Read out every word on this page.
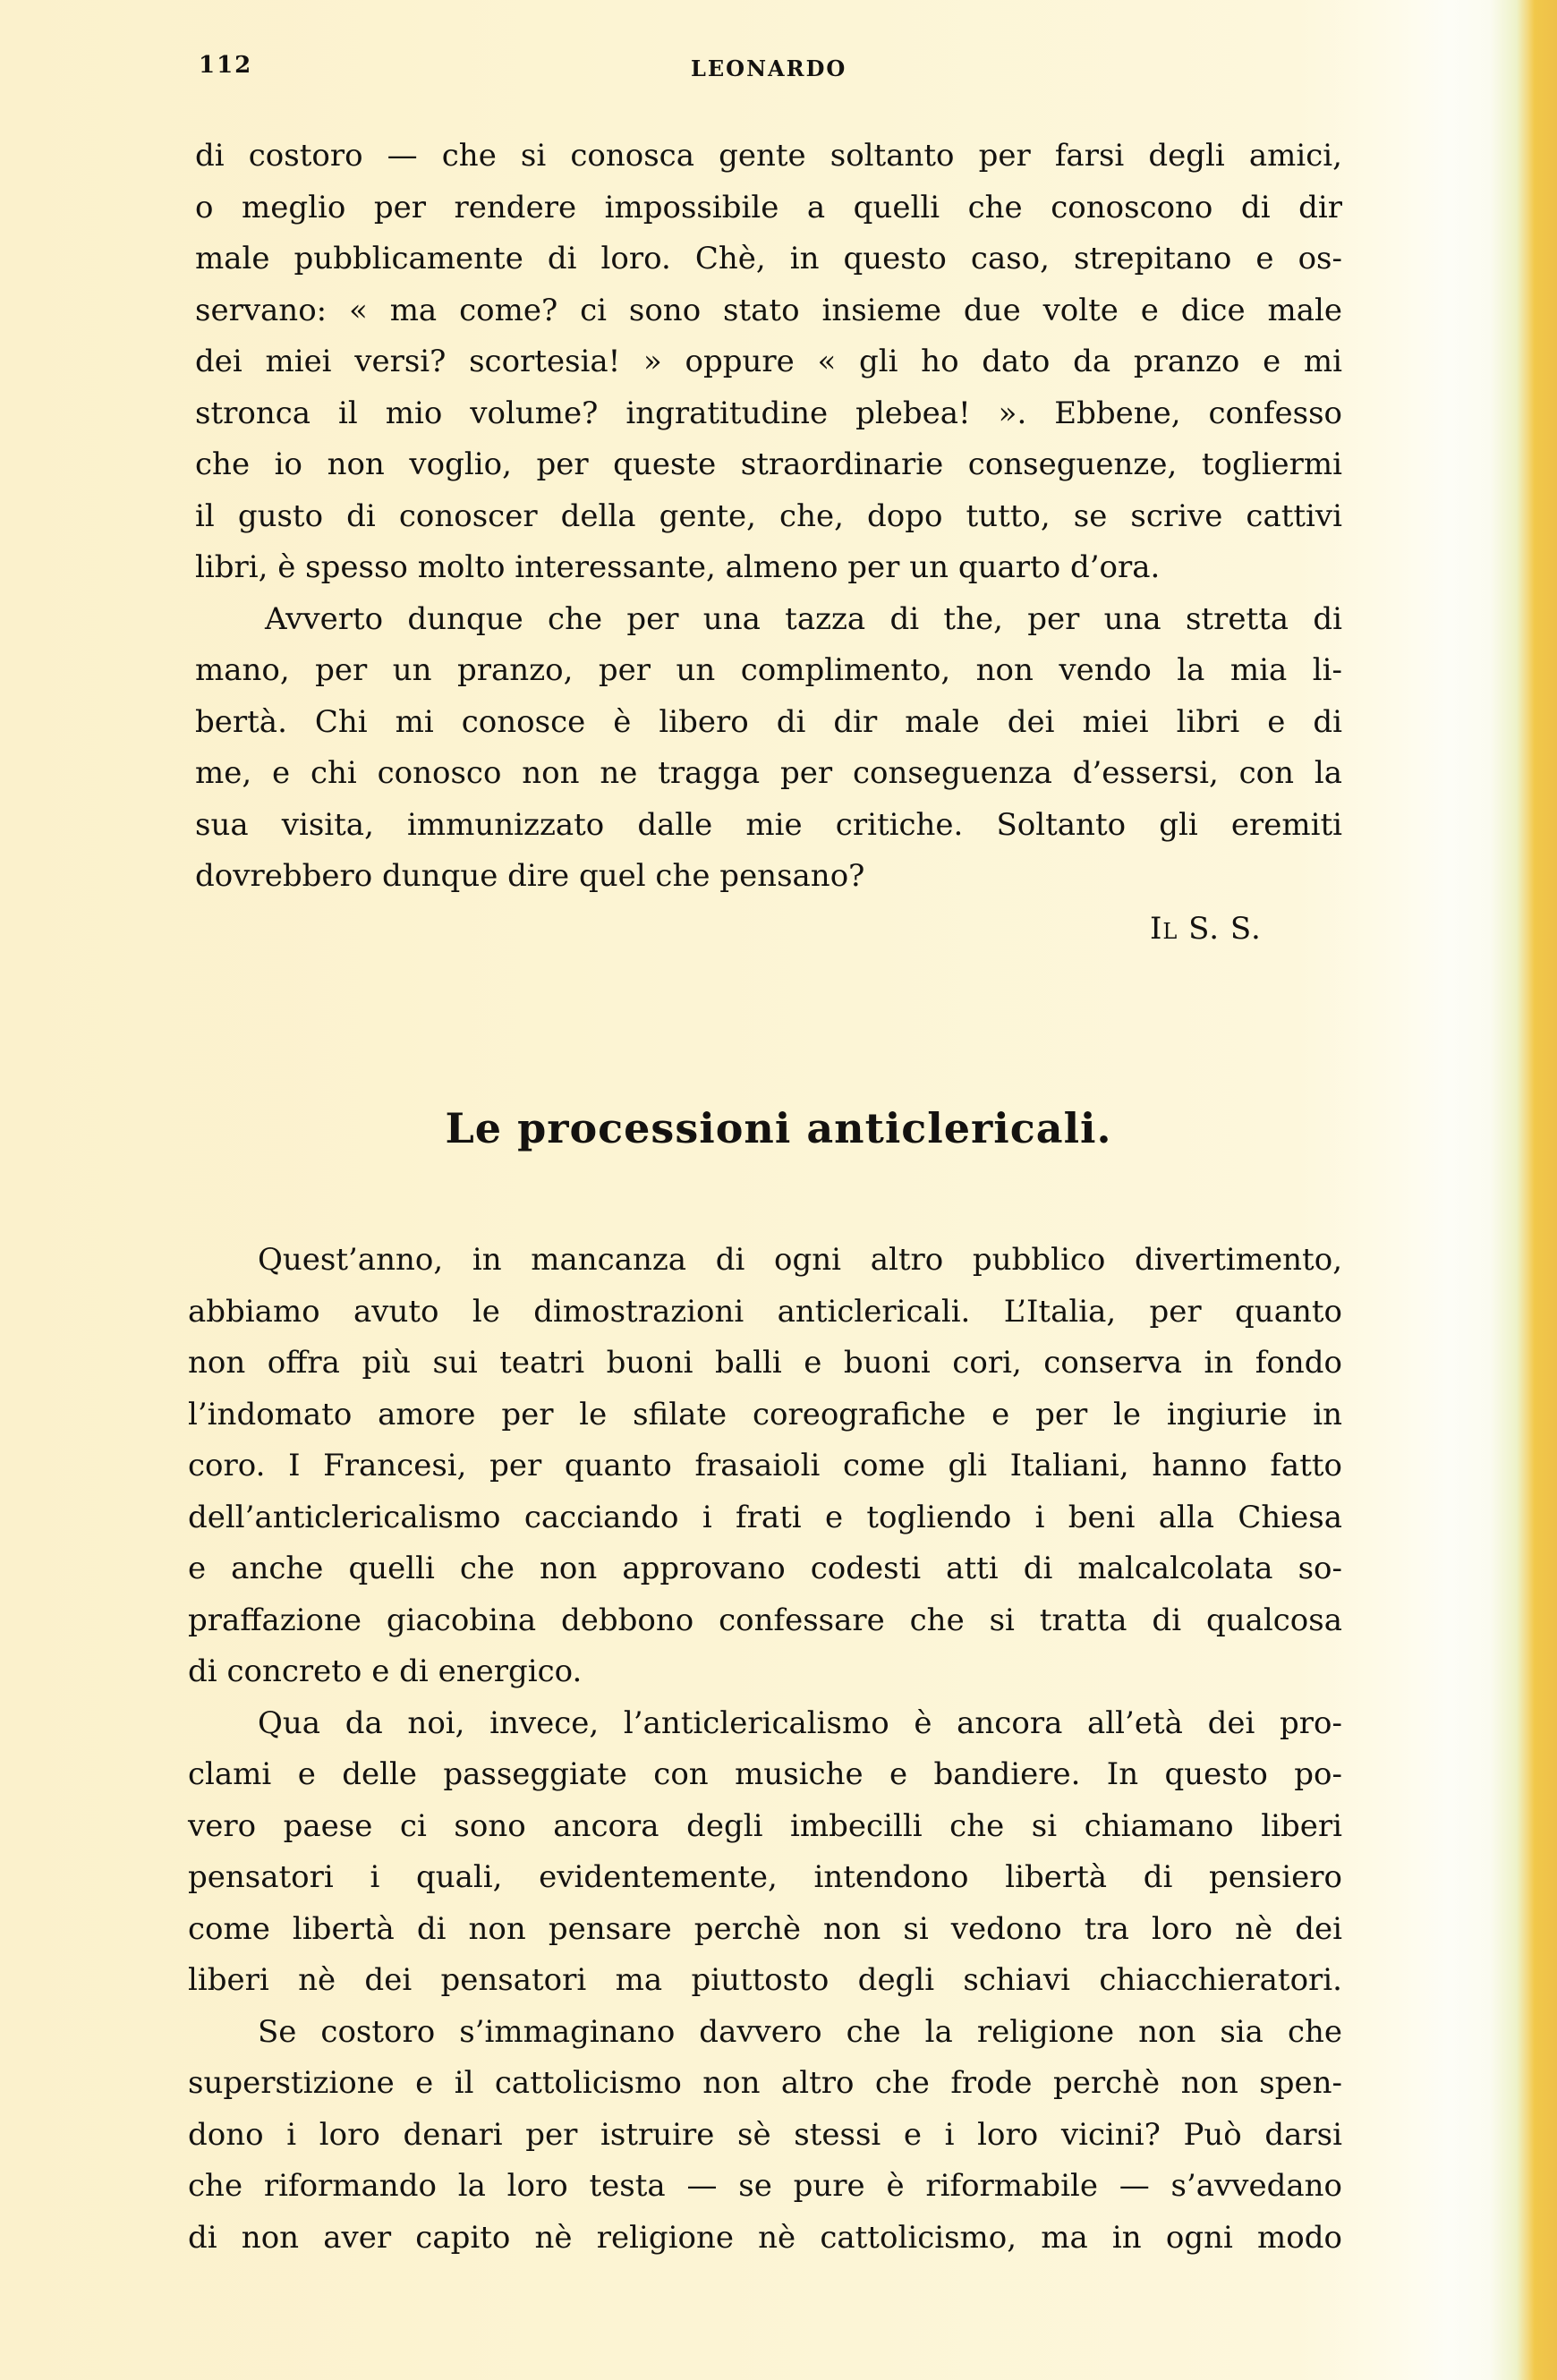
112	LEONARDO

di costoro — che si conosca gente soltanto per farsi degli amici,
o meglio per rendere impossibile a quelli che conoscono di dir
male pubblicamente di loro. Chè, in questo caso, strepitano e os-
servano: « ma come? ci sono stato insieme due volte e dice male
dei miei versi? scortesia! » oppure « gli ho dato da pranzo e mi
stronca il mio volume? ingratitudine plebea! ». Ebbene, confesso
che io non voglio, per queste straordinarie conseguenze, togliermi
il gusto di conoscer della gente, che, dopo tutto, se scrive cattivi
libri, è spesso molto interessante, almeno per un quarto d’ora.

Avverto dunque che per una tazza di the, per una stretta di
mano, per un pranzo, per un complimento, non vendo la mia li-
bertà. Chi mi conosce è libero di dir male dei miei libri e di
me, e chi conosco non ne tragga per conseguenza d’essersi, con la
sua visita, immunizzato dalle mie critiche. Soltanto gli eremiti
dovrebbero dunque dire quel che pensano?

Il S. S.
Le processioni anticlericali.

Quest’anno, in mancanza di ogni altro pubblico divertimento,
abbiamo avuto le dimostrazioni anticlericali. L’Italia, per quanto
non offra più sui teatri buoni balli e buoni cori, conserva in fondo
l’indomato amore per le sfilate coreografiche e per le ingiurie in
coro. I Francesi, per quanto frasaioli come gli Italiani, hanno fatto
dell’anticlericalismo cacciando i frati e togliendo i beni alla Chiesa
e anche quelli che non approvano codesti atti di malcalcolata so-
praffazione giacobina debbono confessare che si tratta di qualcosa
di concreto e di energico.

Qua da noi, invece, l’anticlericalismo è ancora all’età dei pro-
clami e delle passeggiate con musiche e bandiere. In questo po-
vero paese ci sono ancora degli imbecilli che si chiamano liberi
pensatori i quali, evidentemente, intendono libertà di pensiero
come libertà di non pensare perchè non si vedono tra loro nè dei
liberi nè dei pensatori ma piuttosto degli schiavi chiacchieratori.

Se costoro s’immaginano davvero che la religione non sia che
superstizione e il cattolicismo non altro che frode perchè non spen-
dono i loro denari per istruire sè stessi e i loro vicini? Può darsi
che riformando la loro testa — se pure è riformabile — s’avvedano
di non aver capito nè religione nè cattolicismo, ma in ogni modo
